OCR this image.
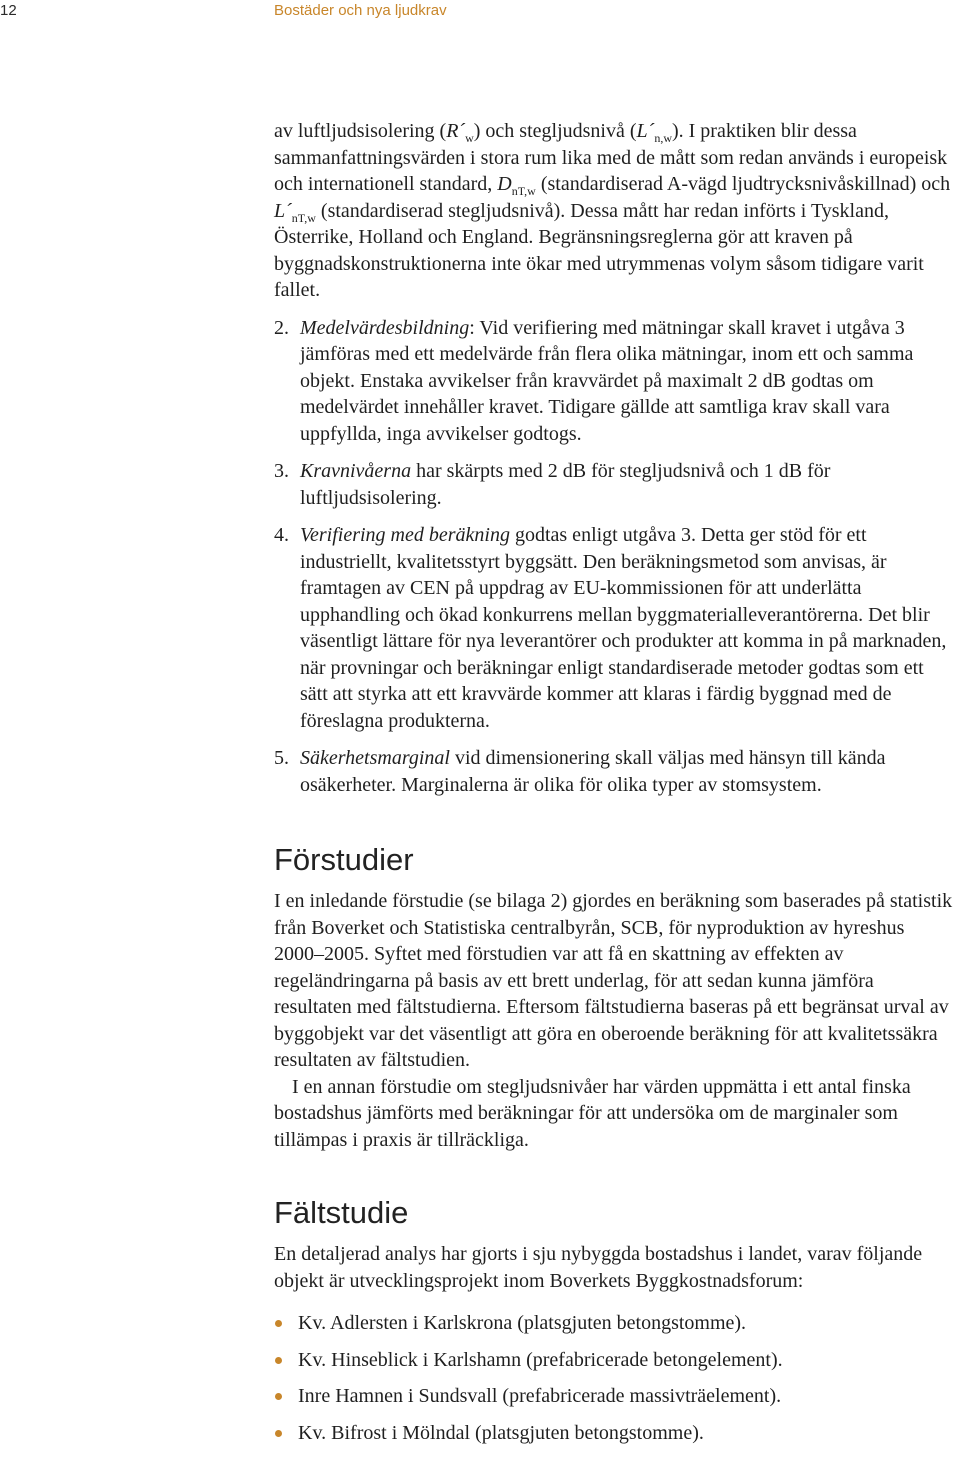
12	Bostäder och nya ljudkrav

av luftljudsisolering $(R´_w)$ och stegljudsnivå $(L´_{n,w})$. I praktiken blir dessa sammanfattningsvärden i stora rum lika med de mått som redan används i europeisk och internationell standard, $D_{nT,w}$ (standardiserad A-vägd ljudtrycksnivåskillnad) och $L´_{nT,w}$ (standardiserad stegljudsnivå). Dessa mått har redan införts i Tyskland, Österrike, Holland och England. Begränsningsreglerna gör att kraven på byggnadskonstruktionerna inte ökar med utrymmenas volym såsom tidigare varit fallet.

2. Medelvärdesbildning: Vid verifiering med mätningar skall kravet i utgåva 3 jämföras med ett medelvärde från flera olika mätningar, inom ett och samma objekt. Enstaka avvikelser från kravvärdet på maximalt 2 dB godtas om medelvärdet innehåller kravet. Tidigare gällde att samtliga krav skall vara uppfyllda, inga avvikelser godtogs.

3. Kravnivåerna har skärpts med 2 dB för stegljudsnivå och 1 dB för luftljudsisolering.

4. Verifiering med beräkning godtas enligt utgåva 3. Detta ger stöd för ett industriellt, kvalitetsstyrt byggsätt. Den beräkningsmetod som anvisas, är framtagen av CEN på uppdrag av EU-kommissionen för att underlätta upphandling och ökad konkurrens mellan byggmaterialleverantörerna. Det blir väsentligt lättare för nya leverantörer och produkter att komma in på marknaden, när provningar och beräkningar enligt standardiserade metoder godtas som ett sätt att styrka att ett kravvärde kommer att klaras i färdig byggnad med de föreslagna produkterna.

5. Säkerhetsmarginal vid dimensionering skall väljas med hänsyn till kända osäkerheter. Marginalerna är olika för olika typer av stomsystem.

Förstudier

I en inledande förstudie (se bilaga 2) gjordes en beräkning som baserades på statistik från Boverket och Statistiska centralbyrån, SCB, för nyproduktion av hyreshus 2000–2005. Syftet med förstudien var att få en skattning av effekten av regeländringarna på basis av ett brett underlag, för att sedan kunna jämföra resultaten med fältstudierna. Eftersom fältstudierna baseras på ett begränsat urval av byggobjekt var det väsentligt att göra en oberoende beräkning för att kvalitetssäkra resultaten av fältstudien.

I en annan förstudie om stegljudsnivåer har värden uppmätta i ett antal finska bostadshus jämförts med beräkningar för att undersöka om de marginaler som tillämpas i praxis är tillräckliga.

Fältstudie

En detaljerad analys har gjorts i sju nybyggda bostadshus i landet, varav följande objekt är utvecklingsprojekt inom Boverkets Byggkostnadsforum:

Kv. Adlersten i Karlskrona (platsgjuten betongstomme).
Kv. Hinseblick i Karlshamn (prefabricerade betongelement).
Inre Hamnen i Sundsvall (prefabricerade massivträelement).
Kv. Bifrost i Mölndal (platsgjuten betongstomme).
